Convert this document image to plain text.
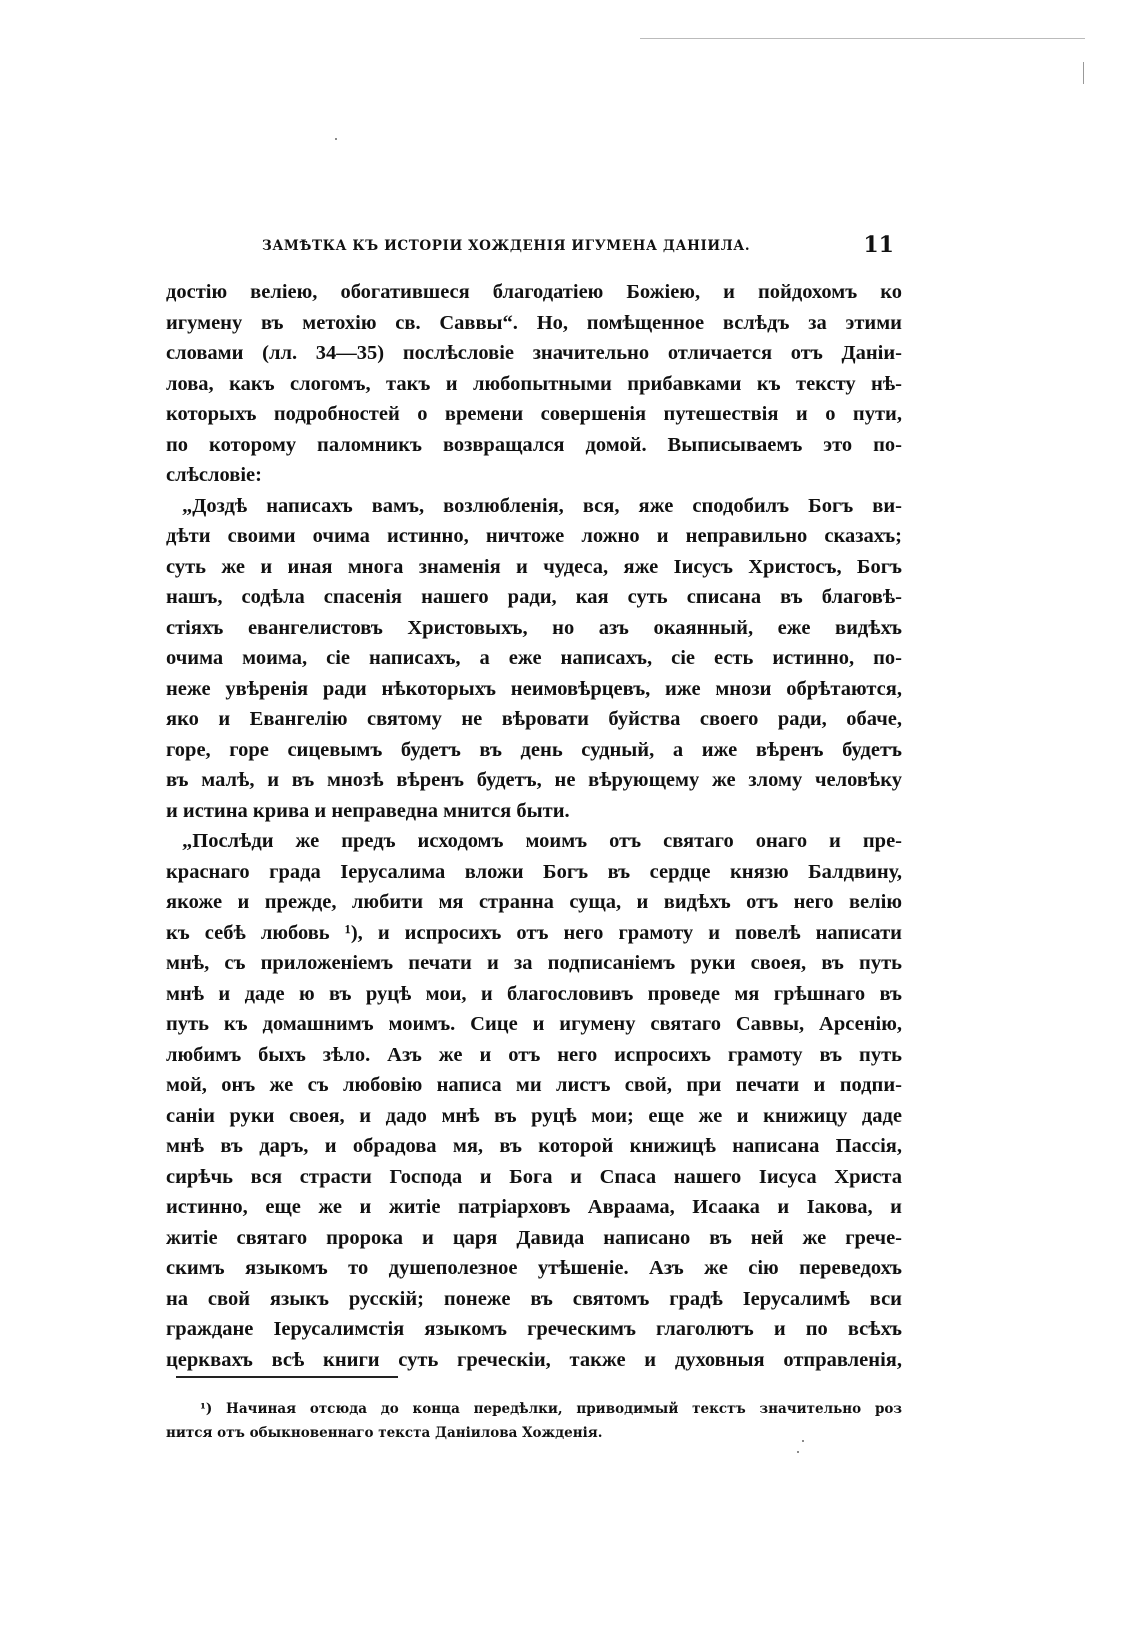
ЗАМѢТКА КЪ ИСТОРІИ ХОЖДЕНІЯ ИГУМЕНА ДАНІИЛА.	11
достію веліею, обогатившеся благодатіею Божіею, и пойдохомъ ко
игумену въ метохію св. Саввы“. Но, помѣщенное вслѣдъ за этими
словами (лл. 34—35) послѣсловіе значительно отличается отъ Даніи-
лова, какъ слогомъ, такъ и любопытными прибавками къ тексту нѣ-
которыхъ подробностей о времени совершенія путешествія и о пути,
по которому паломникъ возвращался домой. Выписываемъ это по-
слѣсловіе:
„Доздѣ написахъ вамъ, возлюбленія, вся, яже сподобилъ Богъ ви-
дѣти своими очима истинно, ничтоже ложно и неправильно сказахъ;
суть же и иная многа знаменія и чудеса, яже Іисусъ Христосъ, Богъ
нашъ, содѣла спасенія нашего ради, кая суть списана въ благовѣ-
стіяхъ евангелистовъ Христовыхъ, но азъ окаянный, еже видѣхъ
очима моима, сіе написахъ, а еже написахъ, сіе есть истинно, по-
неже увѣренія ради нѣкоторыхъ неимовѣрцевъ, иже мнози обрѣтаются,
яко и Евангелію святому не вѣровати буйства своего ради, обаче,
горе, горе сицевымъ будетъ въ день судный, а иже вѣренъ будетъ
въ малѣ, и въ мнозѣ вѣренъ будетъ, не вѣрующему же злому человѣку
и истина крива и неправедна мнится быти.
„Послѣди же предъ исходомъ моимъ отъ святаго онаго и пре-
краснаго града Іерусалима вложи Богъ въ сердце князю Балдвину,
якоже и прежде, любити мя странна суща, и видѣхъ отъ него велію
къ себѣ любовь ¹), и испросихъ отъ него грамоту и повелѣ написати
мнѣ, съ приложеніемъ печати и за подписаніемъ руки своея, въ путь
мнѣ и даде ю въ руцѣ мои, и благословивъ проведе мя грѣшнаго въ
путь къ домашнимъ моимъ. Сице и игумену святаго Саввы, Арсенію,
любимъ быхъ зѣло. Азъ же и отъ него испросихъ грамоту въ путь
мой, онъ же съ любовію написа ми листъ свой, при печати и подпи-
саніи руки своея, и дадо мнѣ въ руцѣ мои; еще же и книжицу даде
мнѣ въ даръ, и обрадова мя, въ которой книжицѣ написана Пассія,
сирѣчь вся страсти Господа и Бога и Спаса нашего Іисуса Христа
истинно, еще же и житіе патріарховъ Авраама, Исаака и Іакова, и
житіе святаго пророка и царя Давида написано въ ней же грече-
скимъ языкомъ то душеполезное утѣшеніе. Азъ же сію переведохъ
на свой языкъ русскій; понеже въ святомъ градѣ Іерусалимѣ вси
граждане Іерусалимстія языкомъ греческимъ глаголютъ и по всѣхъ
церквахъ всѣ книги суть греческіи, также и духовныя отправленія,
¹) Начиная отсюда до конца передѣлки, приводимый текстъ значительно роз
нится отъ обыкновеннаго текста Даніилова Хожденія.
